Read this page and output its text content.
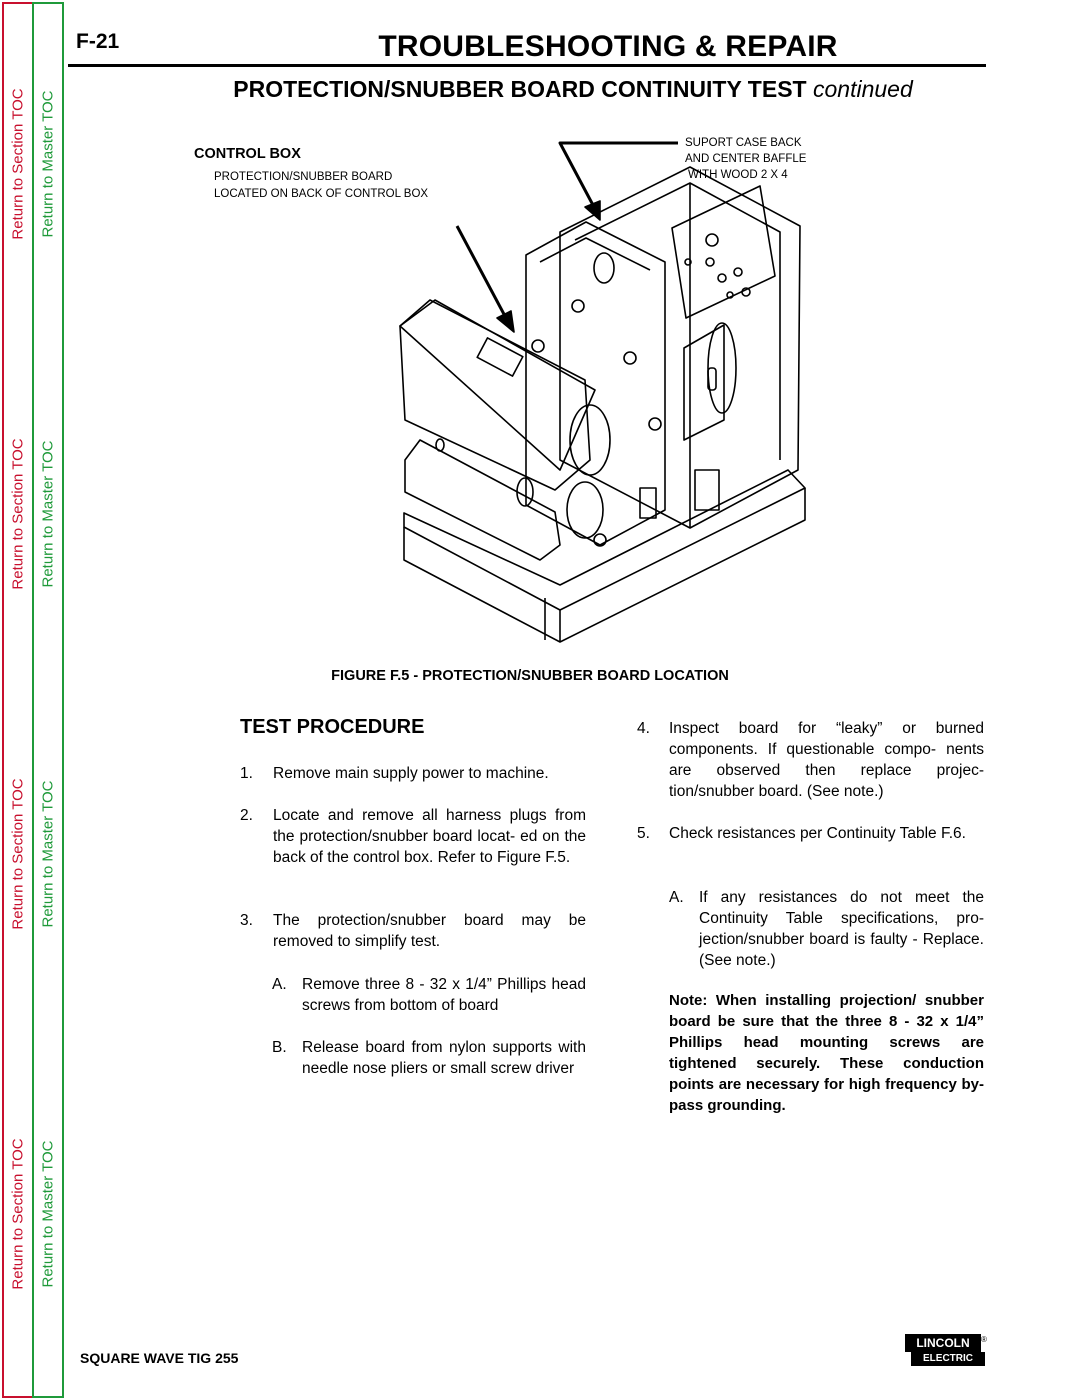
Return to Section TOC
Return to Section TOC
Return to Section TOC
Return to Section TOC
Return to Master TOC
Return to Master TOC
Return to Master TOC
Return to Master TOC
F-21	TROUBLESHOOTING & REPAIR
PROTECTION/SNUBBER BOARD CONTINUITY TEST continued
CONTROL BOX
PROTECTION/SNUBBER BOARD
LOCATED ON BACK OF CONTROL BOX
SUPORT CASE BACK
AND CENTER BAFFLE
WITH WOOD 2 X 4
FIGURE F.5 - PROTECTION/SNUBBER BOARD LOCATION
TEST PROCEDURE
1. Remove main supply power to machine.
2. Locate and remove all harness plugs from the protection/snubber board locat- ed on the back of the control box. Refer to Figure F.5.
3. The protection/snubber board may be removed to simplify test.
A. Remove three 8 - 32 x 1/4” Phillips head screws from bottom of board
B. Release board from nylon supports with needle nose pliers or small screw driver
4. Inspect board for “leaky” or burned components. If questionable compo- nents are observed then replace projec- tion/snubber board. (See note.)
5. Check resistances per Continuity Table F.6.
A. If any resistances do not meet the Continuity Table specifications, pro- jection/snubber board is faulty - Replace. (See note.)
Note: When installing projection/ snubber board be sure that the three 8 - 32 x 1/4” Phillips head mounting screws are tightened securely. These conduction points are necessary for high frequency by-pass grounding.
SQUARE WAVE TIG 255
LINCOLN	®
ELECTRIC
